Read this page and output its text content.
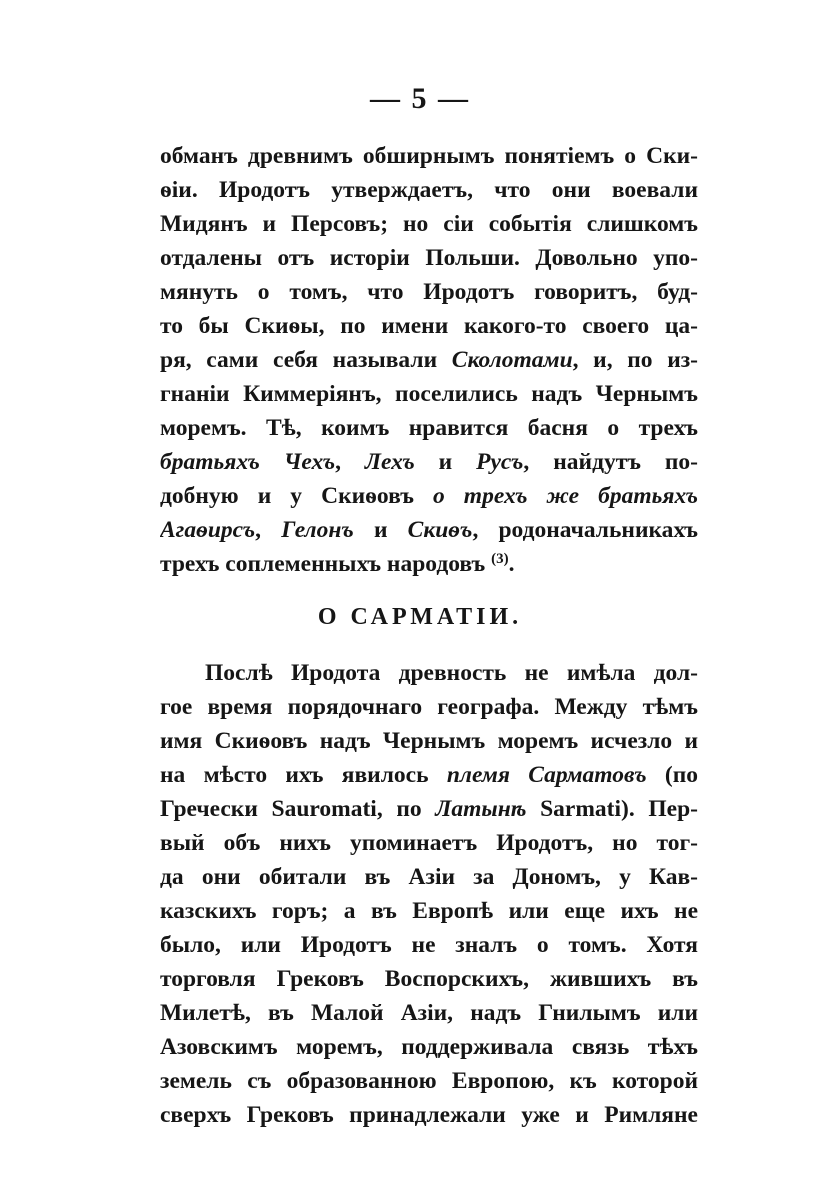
— 5 —
обманъ древнимъ обширнымъ понятiемъ о Ски-
ѳiи. Иродотъ утверждаетъ, что они воевали
Мидянъ и Персовъ; но сiи событiя слишкомъ
отдалены отъ исторiи Польши. Довольно упо-
мянуть о томъ, что Иродотъ говоритъ, буд-
то бы Скиѳы, по имени какого-то своего ца-
ря, сами себя называли Сколотами, и, по из-
гнанiи Киммерiянъ, поселились надъ Чернымъ
моремъ. Тѣ, коимъ нравится басня о трехъ
братьяхъ Чехъ, Лехъ и Русъ, найдутъ по-
добную и у Скиѳовъ о трехъ же братьяхъ
Агаѳирсъ, Гелонъ и Скиѳъ, родоначальникахъ
трехъ соплеменныхъ народовъ $^{(3)}$.
О САРМАТIИ.
Послѣ Иродота древность не имѣла дол-
гое время порядочнаго географа. Между тѣмъ
имя Скиѳовъ надъ Чернымъ моремъ исчезло и
на мѣсто ихъ явилось племя Сарматовъ (по
Гречески Sauromati, по Латынѣ Sarmati). Пер-
вый объ нихъ упоминаетъ Иродотъ, но тог-
да они обитали въ Азiи за Дономъ, у Кав-
казскихъ горъ; а въ Европѣ или еще ихъ не
было, или Иродотъ не зналъ о томъ. Хотя
торговля Грековъ Воспорскихъ, жившихъ въ
Милетѣ, въ Малой Азiи, надъ Гнилымъ или
Азовскимъ моремъ, поддерживала связь тѣхъ
земель съ образованною Европою, къ которой
сверхъ Грековъ принадлежали уже и Римляне
